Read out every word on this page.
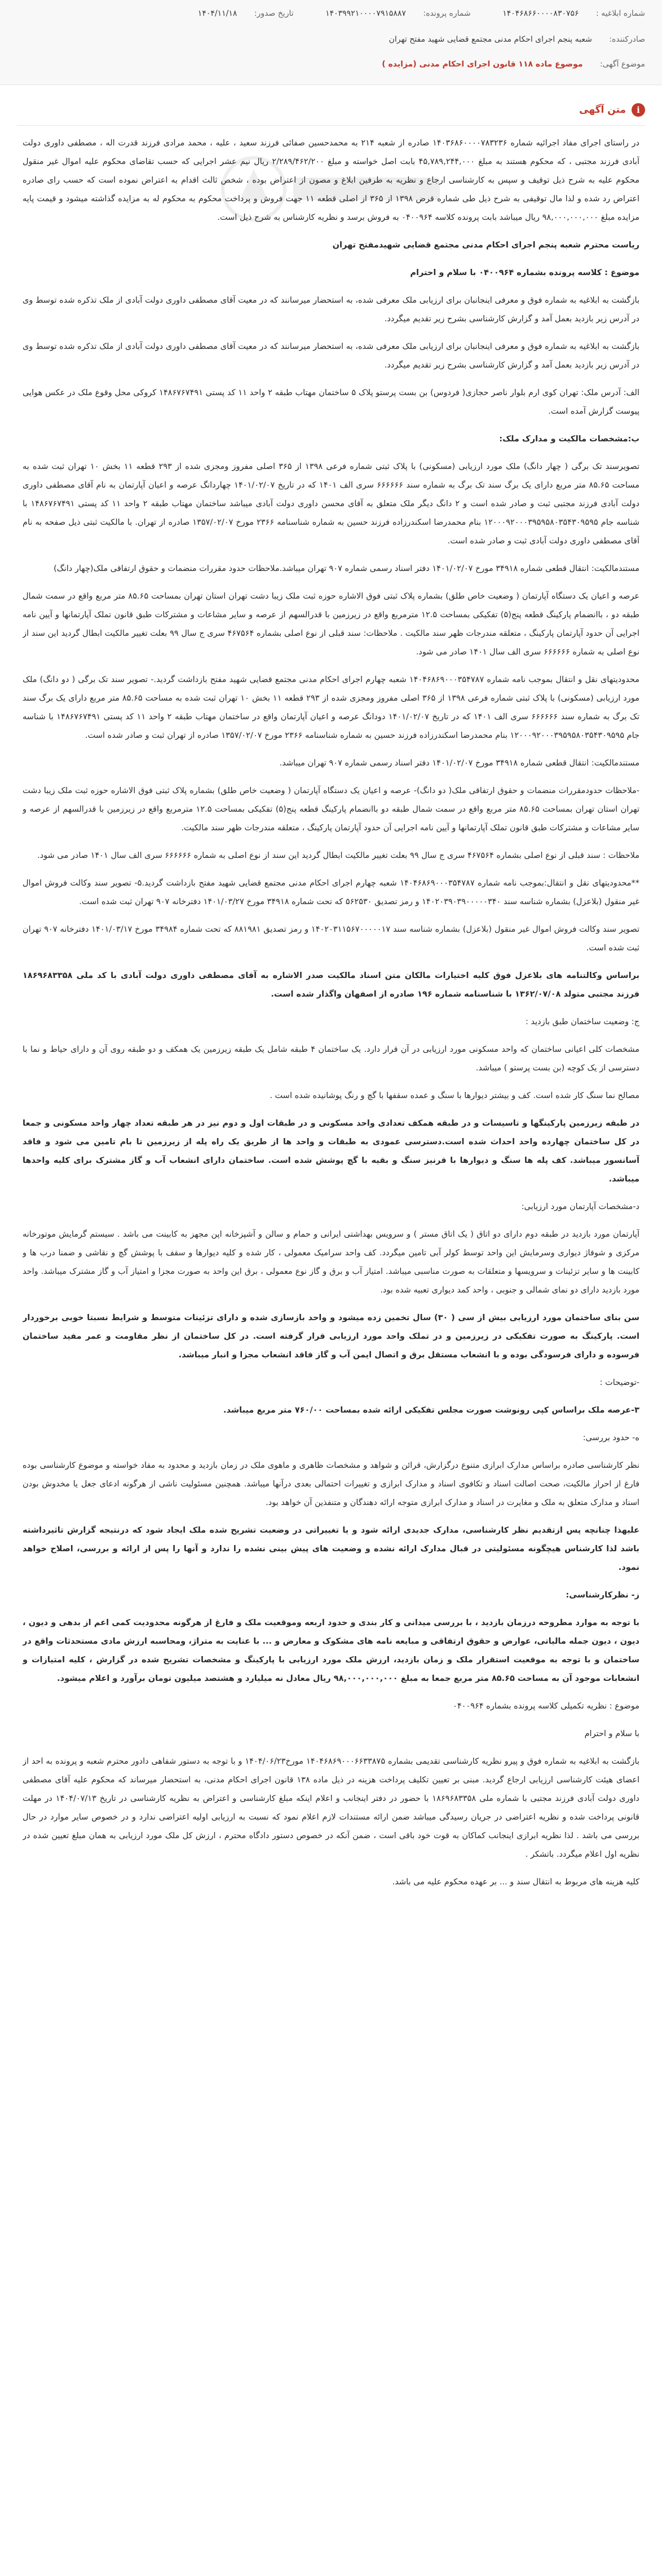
شماره ابلاغیه : ۱۴۰۴۶۸۶۶۰۰۰۰۸۳۰۷۵۶ شماره پرونده: ۱۴۰۳۹۹۲۱۰۰۰۰۷۹۱۵۸۸۷ تاریخ صدور: ۱۴۰۴/۱۱/۱۸
صادرکننده: شعبه پنجم اجرای احکام مدنی مجتمع قضایی شهید مفتح تهران
موضوع آگهی: موضوع ماده ۱۱۸ قانون اجرای احکام مدنی (مزایده )
i
متن آگهی

در راستای اجرای مفاد اجرائیه شماره ۱۴۰۳۶۸۶۰۰۰۰۷۸۳۲۳۶ صادره از شعبه ۲۱۴ به محمدحسین صفائی فرزند سعید ، علیه ، محمد مرادی فرزند قدرت اله ، مصطفی داوری دولت آبادی فرزند مجتبی ، که محکوم هستند به مبلغ ۴۵,۷۸۹,۲۴۴,۰۰۰ بابت اصل خواسته و مبلغ ۲/۲۸۹/۴۶۲/۲۰۰ ریال نیم عشر اجرایی که حسب تقاضای محکوم علیه اموال غیر منقول محکوم علیه به شرح ذیل توقیف و سپس به کارشناسی ارجاع و نظریه به طرفین ابلاغ و مصون از اعتراض بوده ، شخص ثالث اقدام به اعتراض نموده است که حسب رای صادره اعتراض رد شده و لذا مال توقیفی به شرح ذیل طی شماره قرض ۱۳۹۸ از ۳۶۵ از اصلی قطعه ۱۱ جهت فروش و پرداخت محکوم به محکوم له به مزایده گذاشته میشود و قیمت پایه مزایده مبلغ ۹۸,۰۰۰,۰۰۰,۰۰۰ ریال میباشد بابت پرونده کلاسه ۰۴۰۰۹۶۴ به فروش برسد و نظریه کارشناس به شرح ذیل است.

ریاست محترم شعبه پنجم اجرای احکام مدنی مجتمع قضایی شهیدمفتح تهران

موضوع : کلاسه پرونده بشماره ۰۴۰۰۹۶۴ با سلام و احترام

بازگشت به ابلاغیه به شماره فوق و معرفی اینجانبان برای ارزیابی ملک معرفی شده، به استحضار میرسانند که در معیت آقای مصطفی داوری دولت آبادی از ملک تذکره شده توسط وی در آدرس زیر بازدید بعمل آمد و گزارش کارشناسی بشرح زیر تقدیم میگردد.

بازگشت به ابلاغیه به شماره فوق و معرفی اینجانبان برای ارزیابی ملک معرفی شده، به استحضار میرسانند که در معیت آقای مصطفی داوری دولت آبادی از ملک تذکره شده توسط وی در آدرس زیر بازدید بعمل آمد و گزارش کارشناسی بشرح زیر تقدیم میگردد.

الف: آدرس ملک: تهران کوی ارم بلوار ناصر حجازی( فردوس) بن بست پرستو پلاک ۵ ساختمان مهتاب طبقه ۲ واحد ۱۱ کد پستی ۱۴۸۶۷۶۷۴۹۱ کروکی محل وقوع ملک در عکس هوایی پیوست گزارش آمده است.

ب:مشخصات مالکیت و مدارک ملک:

تصویرسند تک برگی ( چهار دانگ) ملک مورد ارزیابی (مسکونی) با پلاک ثبتی شماره فرعی ۱۳۹۸ از ۳۶۵ اصلی مفروز ومجزی شده از ۲۹۳ قطعه ۱۱ بخش ۱۰ تهران ثبت شده به مساحت ۸۵.۶۵ متر مربع دارای یک برگ سند تک برگ به شماره سند ۶۶۶۶۶۶ سری الف ۱۴۰۱ که در تاریخ ۱۴۰۱/۰۲/۰۷ چهاردانگ عرصه و اعیان آپارتمان به نام آقای مصطفی داوری دولت آبادی فرزند مجتبی ثبت و صادر شده است و ۲ دانگ دیگر ملک متعلق به آقای محسن داوری دولت آبادی میباشد ساختمان مهتاب طبقه ۲ واحد ۱۱ کد پستی ۱۴۸۶۷۶۷۴۹۱ با شناسه جام ۱۲۰۰۰۹۲۰۰۰۳۹۵۹۵۸۰۳۵۴۳۰۹۵۹۵ بنام محمدرضا اسکندرزاده فرزند حسین به شماره شناسنامه ۲۳۶۶ مورخ ۱۳۵۷/۰۲/۰۷ صادره از تهران. با مالکیت ثبتی ذیل صفحه به نام آقای مصطفی داوری دولت آبادی ثبت و صادر شده است.

مستندمالکیت: انتقال قطعی شماره ۳۴۹۱۸ مورخ ۱۴۰۱/۰۲/۰۷ دفتر اسناد رسمی شماره ۹۰۷ تهران میباشد.ملاحظات حدود مقررات منضمات و حقوق ارتفاقی ملک(چهار دانگ)

عرصه و اعیان یک دستگاه آپارتمان ( وضعیت خاص طلق) بشماره پلاک ثبتی فوق الاشاره حوزه ثبت ملک زیبا دشت تهران استان تهران بمساحت ۸۵.۶۵ متر مربع واقع در سمت شمال طبقه دو ، باانضمام پارکینگ قطعه پنج(۵) تفکیکی بمساحت ۱۲.۵ مترمربع واقع در زیرزمین با قدرالسهم از عرصه و سایر مشاعات و مشترکات طبق قانون تملک آپارتمانها و آیین نامه اجرایی آن حدود آپارتمان پارکینگ ، متعلقه مندرجات ظهر سند مالکیت . ملاحظات: سند قبلی از نوع اصلی بشماره ۴۶۷۵۶۴ سری ج سال ۹۹ بعلت تغییر مالکیت ابطال گردید این سند از نوع اصلی به شماره ۶۶۶۶۶۶ سری الف سال ۱۴۰۱ صادر می شود.

محدودیتهای نقل و انتقال بموجب نامه شماره ۱۴۰۴۶۸۶۹۰۰۰۳۵۴۷۸۷ شعبه چهارم اجرای احکام مدنی مجتمع قضایی شهید مفتح بازداشت گردید.- تصویر سند تک برگی ( دو دانگ) ملک مورد ارزیابی (مسکونی) با پلاک ثبتی شماره فرعی ۱۳۹۸ از ۳۶۵ اصلی مفروز ومجزی شده از ۲۹۳ قطعه ۱۱ بخش ۱۰ تهران ثبت شده به مساحت ۸۵.۶۵ متر مربع دارای یک برگ سند تک برگ به شماره سند ۶۶۶۶۶۶ سری الف ۱۴۰۱ که در تاریخ ۱۴۰۱/۰۲/۰۷ دودانگ عرصه و اعیان آپارتمان واقع در ساختمان مهتاب طبقه ۲ واحد ۱۱ کد پستی ۱۴۸۶۷۶۷۴۹۱ با شناسه جام ۱۲۰۰۰۹۲۰۰۰۳۹۵۹۵۸۰۳۵۴۳۰۹۵۹۵ بنام محمدرضا اسکندرزاده فرزند حسین به شماره شناسنامه ۲۳۶۶ مورخ ۱۳۵۷/۰۲/۰۷ صادره از تهران ثبت و صادر شده است.

مستندمالکیت: انتقال قطعی شماره ۳۴۹۱۸ مورخ ۱۴۰۱/۰۲/۰۷ دفتر اسناد رسمی شماره ۹۰۷ تهران میباشد.

-ملاحظات حدودمقررات منضمات و حقوق ارتفاقی ملک( دو دانگ)- عرصه و اعیان یک دستگاه آپارتمان ( وضعیت خاص طلق) بشماره پلاک ثبتی فوق الاشاره حوزه ثبت ملک زیبا دشت تهران استان تهران بمساحت ۸۵.۶۵ متر مربع واقع در سمت شمال طبقه دو باانضمام پارکینگ قطعه پنج(۵) تفکیکی بمساحت ۱۲.۵ مترمربع واقع در زیرزمین با قدرالسهم از عرصه و سایر مشاعات و مشترکات طبق قانون تملک آپارتمانها و آیین نامه اجرایی آن حدود آپارتمان پارکینگ ، متعلقه مندرجات ظهر سند مالکیت.

ملاحظات : سند قبلی از نوع اصلی بشماره ۴۶۷۵۶۴ سری ج سال ۹۹ بعلت تغییر مالکیت ابطال گردید این سند از نوع اصلی به شماره ۶۶۶۶۶۶ سری الف سال ۱۴۰۱ صادر می شود.

**محدودیتهای نقل و انتقال:بموجب نامه شماره ۱۴۰۴۶۸۶۹۰۰۰۳۵۴۷۸۷ شعبه چهارم اجرای احکام مدنی مجتمع قضایی شهید مفتح بازداشت گردید.۵- تصویر سند وکالت فروش اموال غیر منقول (بلاعزل) بشماره شناسه سند ۱۴۰۲۰۳۹۰۳۹۰۰۰۰۰۳۴۰ و رمز تصدیق ۵۶۲۵۳۰ که تحت شماره ۳۴۹۱۸ مورخ ۱۴۰۱/۰۳/۲۷ دفترخانه ۹۰۷ تهران ثبت شده است.

تصویر سند وکالت فروش اموال غیر منقول (بلاعزل) بشماره شناسه سند ۱۴۰۲۰۳۱۱۵۶۷۰۰۰۰۰۱۷ و رمز تصدیق ۸۸۱۹۸۱ که تحت شماره ۳۴۹۸۴ مورخ ۱۴۰۱/۰۳/۱۷ دفترخانه ۹۰۷ تهران ثبت شده است.

براساس وکالتنامه های بلاعزل فوق کلیه اختیارات مالکان متن اسناد مالکیت صدر الاشاره به آقای مصطفی داوری دولت آبادی با کد ملی ۱۸۶۹۶۸۳۳۵۸ فرزند مجتبی متولد ۱۳۶۲/۰۷/۰۸ با شناسنامه شماره ۱۹۶ صادره از اصفهان واگذار شده است.

ج: وضعیت ساختمان طبق بازدید :

مشخصات کلی اعیانی ساختمان که واحد مسکونی مورد ارزیابی در آن قرار دارد. یک ساختمان ۴ طبقه شامل یک طبقه زیرزمین یک همکف و دو طبقه روی آن و دارای حیاط و نما با دسترسی از یک کوچه (بن بست پرستو ) میباشد.

مصالح نما سنگ کار شده است. کف و بیشتر دیوارها با سنگ و عمده سقفها با گچ و رنگ پوشانیده شده است .

در طبقه زیرزمین پارکینگها و تاسیسات و در طبقه همکف تعدادی واحد مسکونی و در طبقات اول و دوم نیز در هر طبقه تعداد چهار واحد مسکونی و جمعا در کل ساختمان چهارده واحد احداث شده است.دسترسی عمودی به طبقات و واحد ها از طریق یک راه پله از زیرزمین تا بام تامین می شود و فاقد آسانسور میباشد. کف پله ها سنگ و دیوارها با قرنیز سنگ و بقیه با گچ پوشش شده است. ساختمان دارای انشعاب آب و گاز مشترک برای کلیه واحدها میباشد.

د-مشخصات آپارتمان مورد ارزیابی:

آپارتمان مورد بازدید در طبقه دوم دارای دو اتاق ( یک اتاق مستر ) و سرویس بهداشتی ایرانی و حمام و سالن و آشپزخانه اپن مجهز به کابینت می باشد . سیستم گرمایش موتورخانه مرکزی و شوفاژ دیواری وسرمایش این واحد توسط کولر آبی تامین میگردد. کف واحد سرامیک معمولی ، کار شده و کلیه دیوارها و سقف با پوشش گچ و نقاشی و ضمنا درب ها و کابینت ها و سایر تزئینات و سرویسها و متعلقات به صورت مناسبی میباشد. امتیاز آب و برق و گاز نوع معمولی ، برق این واحد به صورت مجزا و امتیاز آب و گاز مشترک میباشد. واحد مورد بازدید دارای دو نمای شمالی و جنوبی ، واحد کمد دیواری تعبیه شده بود.

سن بنای ساختمان مورد ارزیابی بیش از سی ( ۳۰) سال تخمین زده میشود و واحد بازسازی شده و دارای تزئینات متوسط و شرایط نسبتا خوبی برخوردار است. پارکینگ به صورت تفکیکی در زیرزمین و در تملک واحد مورد ارزیابی قرار گرفته است. در کل ساختمان از نظر مقاومت و عمر مفید ساختمان فرسوده و دارای فرسودگی بوده و با انشعاب مستقل برق و اتصال ایمن آب و گاز فاقد انشعاب مجزا و انبار میباشد.

-توضیحات :

۳-عرصه ملک براساس کپی رونوشت صورت مجلس تفکیکی ارائه شده بمساحت ۷۶۰/۰۰ متر مربع میباشد.

ه- حدود بررسی:

نظر کارشناسی صادره براساس مدارک ابرازی متنوع درگزارش، قرائن و شواهد و مشخصات ظاهری و ماهوی ملک در زمان بازدید و محدود به مفاد خواسته و موضوع کارشناسی بوده فارغ از احراز مالکیت، صحت اصالت اسناد و تکافوی اسناد و مدارک ابرازی و تغییرات احتمالی بعدی درآنها میباشد. همچنین مسئولیت ناشی از هرگونه ادعای جعل یا مخدوش بودن اسناد و مدارک متعلق به ملک و مغایرت در اسناد و مدارک ابرازی متوجه ارائه دهندگان و متنفذین آن خواهد بود.

علیهذا چنانچه پس ازتقدیم نظر کارشناسی، مدارک جدیدی ارائه شود و یا تغییراتی در وضعیت تشریح شده ملک ایجاد شود که درنتیجه گزارش تاثیرداشته باشد لذا کارشناس هیچگونه مسئولیتی در قبال مدارک ارائه نشده و وضعیت های پیش بینی نشده را ندارد و آنها را پس از ارائه و بررسی، اصلاح خواهد نمود.

ز- نظرکارشناسی:

با توجه به موارد مطروحه درزمان بازدید ، با بررسی میدانی و کار بندی و حدود اربعه وموقعیت ملک و فارغ از هرگونه محدودیت کمی اعم از بدهی و دیون ، دیون ، دیون جمله مالیاتی، عوارض و حقوق ارتفاقی و مبایعه نامه های مشکوک و معارض و ... با عنایت به متراژ، ومحاسبه ارزش مادی مستحدثات واقع در ساختمان و با توجه به موقعیت استقرار ملک و زمان بازدید، ارزش ملک مورد ارزیابی با پارکینگ و مشخصات تشریح شده در گزارش ، کلیه امتیازات و انشعابات موجود آن به مساحت ۸۵.۶۵ متر مربع جمعا به مبلغ ۹۸,۰۰۰,۰۰۰,۰۰۰ ریال معادل نه میلیارد و هشتصد میلیون تومان برآورد و اعلام میشود.

موضوع : نظریه تکمیلی کلاسه پرونده بشماره ۰۴۰۰۹۶۴

با سلام و احترام

بازگشت به ابلاغیه به شماره فوق و پیرو نظریه کارشناسی تقدیمی بشماره ۱۴۰۴۶۸۶۹۰۰۰۶۶۳۳۸۷۵ مورخ۱۴۰۴/۰۶/۲۳ و با توجه به دستور شفاهی دادور محترم شعبه و پرونده به احد از اعضای هیئت کارشناسی ارزیابی ارجاع گردید. مبنی بر تعیین تکلیف پرداخت هزینه در ذیل ماده ۱۳۸ قانون اجرای احکام مدنی، به استحضار میرساند که محکوم علیه آقای مصطفی داوری دولت آبادی فرزند مجتبی با شماره ملی ۱۸۶۹۶۸۳۳۵۸ با حضور در دفتر اینجانب و اعلام اینکه مبلغ کارشناسی و اعتراض به نظریه کارشناسی در تاریخ ۱۴۰۴/۰۷/۱۳ در مهلت قانونی پرداخت شده و نظریه اعتراضی در جریان رسیدگی میباشد ضمن ارائه مستندات لازم اعلام نمود که نسبت به ارزیابی اولیه اعتراضی ندارد و در خصوص سایر موارد در حال بررسی می باشد . لذا نظریه ابرازی اینجانب کماکان به قوت خود باقی است ، ضمن آنکه در خصوص دستور دادگاه محترم ، ارزش کل ملک مورد ارزیابی به همان مبلغ تعیین شده در نظریه اول اعلام میگردد. باتشکر .

کلیه هزینه های مربوط به انتقال سند و ... بر عهده محکوم علیه می باشد.
